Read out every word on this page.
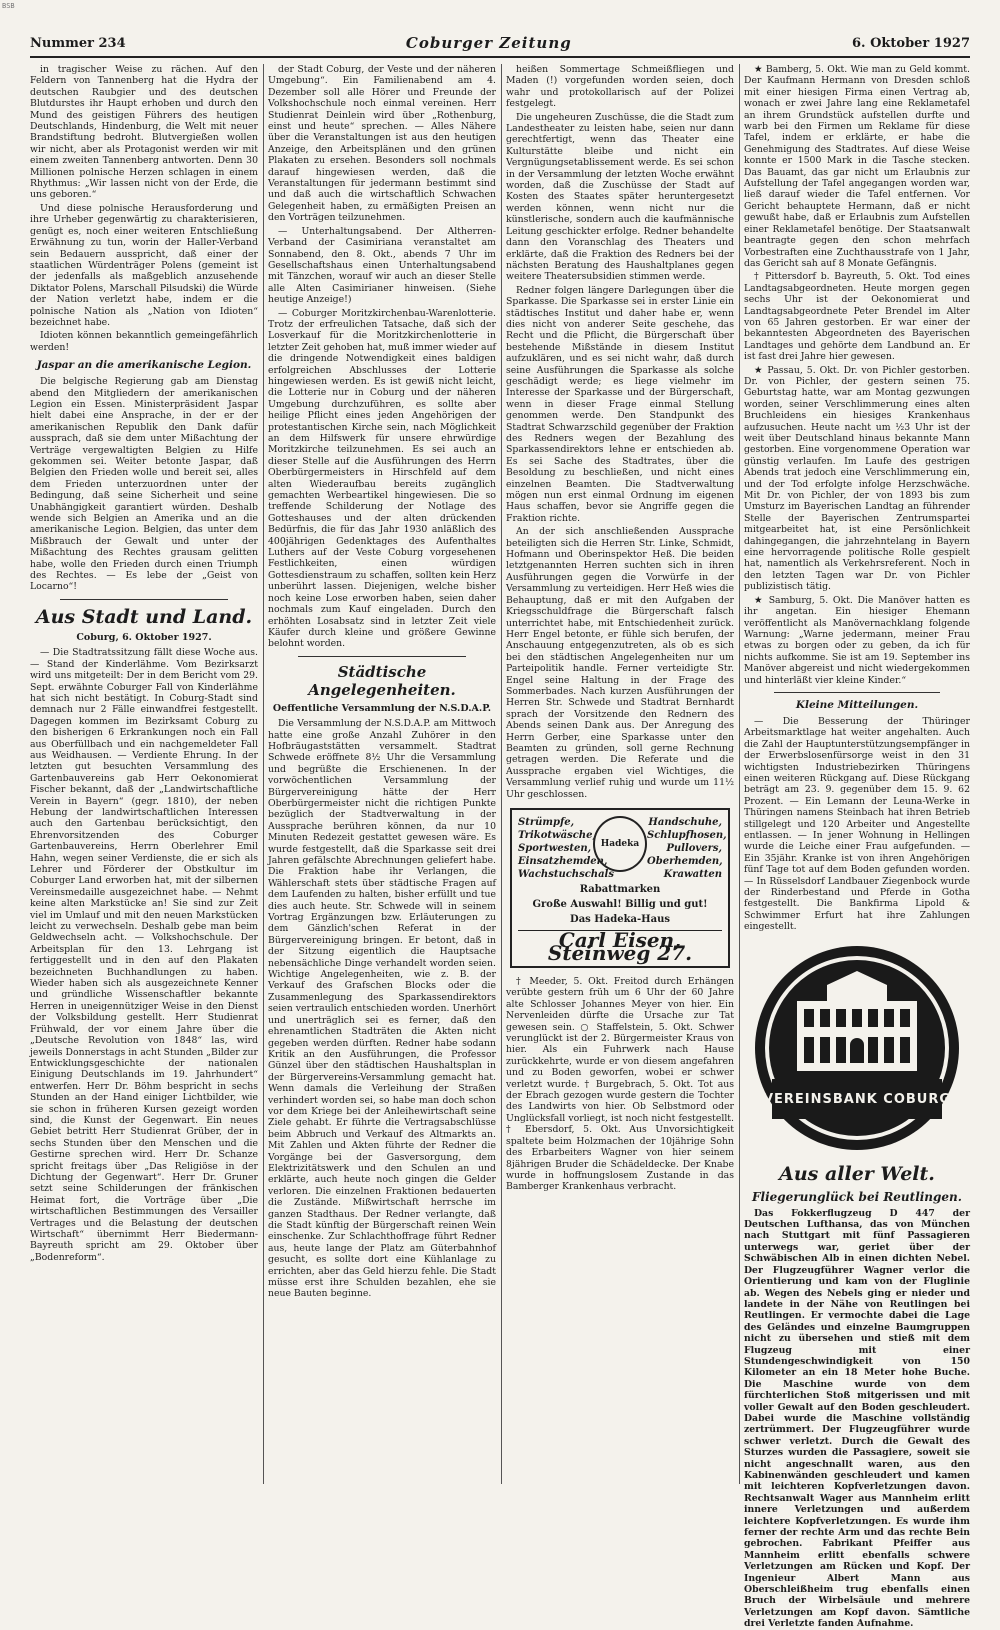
BSB
Nummer 234	Coburger Zeitung	6. Oktober 1927

in tragischer Weise zu rächen. Auf den Feldern von Tannenberg hat die Hydra der deutschen Raubgier und des deutschen Blutdurstes ihr Haupt erhoben und durch den Mund des geistigen Führers des heutigen Deutschlands, Hindenburg, die Welt mit neuer Brandstiftung bedroht. Blutvergießen wollen wir nicht, aber als Protagonist werden wir mit einem zweiten Tannenberg antworten. Denn 30 Millionen polnische Herzen schlagen in einem Rhythmus: „Wir lassen nicht von der Erde, die uns geboren.“

Und diese polnische Herausforderung und ihre Urheber gegenwärtig zu charakterisieren, genügt es, noch einer weiteren Entschließung Erwähnung zu tun, worin der Haller-Verband sein Bedauern ausspricht, daß einer der staatlichen Würdenträger Polens (gemeint ist der jedenfalls als maßgeblich anzusehende Diktator Polens, Marschall Pilsudski) die Würde der Nation verletzt habe, indem er die polnische Nation als „Nation von Idioten“ bezeichnet habe.

Idioten können bekanntlich gemeingefährlich werden!

Jaspar an die amerikanische Legion.

Die belgische Regierung gab am Dienstag abend den Mitgliedern der amerikanischen Legion ein Essen. Ministerpräsident Jaspar hielt dabei eine Ansprache, in der er der amerikanischen Republik den Dank dafür aussprach, daß sie dem unter Mißachtung der Verträge vergewaltigten Belgien zu Hilfe gekommen sei. Weiter betonte Jaspar, daß Belgien den Frieden wolle und bereit sei, alles dem Frieden unterzuordnen unter der Bedingung, daß seine Sicherheit und seine Unabhängigkeit garantiert würden. Deshalb wende sich Belgien an Amerika und an die amerikanische Legion. Belgien, das unter dem Mißbrauch der Gewalt und unter der Mißachtung des Rechtes grausam gelitten habe, wolle den Frieden durch einen Triumph des Rechtes. — Es lebe der „Geist von Locarno“!

Aus Stadt und Land.
Coburg, 6. Oktober 1927.

— Die Stadtratssitzung fällt diese Woche aus. — Stand der Kinderlähme. Vom Bezirksarzt wird uns mitgeteilt: Der in dem Bericht vom 29. Sept. erwähnte Coburger Fall von Kinderlähme hat sich nicht bestätigt. In Coburg-Stadt sind demnach nur 2 Fälle einwandfrei festgestellt. Dagegen kommen im Bezirksamt Coburg zu den bisherigen 6 Erkrankungen noch ein Fall aus Oberfüllbach und ein nachgemeldeter Fall aus Weidhausen. — Verdiente Ehrung. In der letzten gut besuchten Versammlung des Gartenbauvereins gab Herr Oekonomierat Fischer bekannt, daß der „Landwirtschaftliche Verein in Bayern“ (gegr. 1810), der neben Hebung der landwirtschaftlichen Interessen auch den Gartenbau berücksichtigt, den Ehrenvorsitzenden des Coburger Gartenbauvereins, Herrn Oberlehrer Emil Hahn, wegen seiner Verdienste, die er sich als Lehrer und Förderer der Obstkultur im Coburger Land erworben hat, mit der silbernen Vereinsmedaille ausgezeichnet habe. — Nehmt keine alten Markstücke an! Sie sind zur Zeit viel im Umlauf und mit den neuen Markstücken leicht zu verwechseln. Deshalb gebe man beim Geldwechseln acht. — Volkshochschule. Der Arbeitsplan für den 13. Lehrgang ist fertiggestellt und in den auf den Plakaten bezeichneten Buchhandlungen zu haben. Wieder haben sich als ausgezeichnete Kenner und gründliche Wissenschaftler bekannte Herren in uneigennütziger Weise in den Dienst der Volksbildung gestellt. Herr Studienrat Frühwald, der vor einem Jahre über die „Deutsche Revolution von 1848“ las, wird jeweils Donnerstags in acht Stunden „Bilder zur Entwicklungsgeschichte der nationalen Einigung Deutschlands im 19. Jahrhundert“ entwerfen. Herr Dr. Böhm bespricht in sechs Stunden an der Hand einiger Lichtbilder, wie sie schon in früheren Kursen gezeigt worden sind, die Kunst der Gegenwart. Ein neues Gebiet betritt Herr Studienrat Grüber, der in sechs Stunden über den Menschen und die Gestirne sprechen wird. Herr Dr. Schanze spricht freitags über „Das Religiöse in der Dichtung der Gegenwart“. Herr Dr. Gruner setzt seine Schilderungen der fränkischen Heimat fort, die Vorträge über „Die wirtschaftlichen Bestimmungen des Versailler Vertrages und die Belastung der deutschen Wirtschaft“ übernimmt Herr Biedermann-Bayreuth spricht am 29. Oktober über „Bodenreform“.

der Stadt Coburg, der Veste und der näheren Umgebung“. Ein Familienabend am 4. Dezember soll alle Hörer und Freunde der Volkshochschule noch einmal vereinen. Herr Studienrat Deinlein wird über „Rothenburg, einst und heute“ sprechen. — Alles Nähere über die Veranstaltungen ist aus den heutigen Anzeige, den Arbeitsplänen und den grünen Plakaten zu ersehen. Besonders soll nochmals darauf hingewiesen werden, daß die Veranstaltungen für jedermann bestimmt sind und daß auch die wirtschaftlich Schwachen Gelegenheit haben, zu ermäßigten Preisen an den Vorträgen teilzunehmen.

— Unterhaltungsabend. Der Altherren-Verband der Casimiriana veranstaltet am Sonnabend, den 8. Okt., abends 7 Uhr im Gesellschaftshaus einen Unterhaltungsabend mit Tänzchen, worauf wir auch an dieser Stelle alle Alten Casimirianer hinweisen. (Siehe heutige Anzeige!)

— Coburger Moritzkirchenbau-Warenlotterie. Trotz der erfreulichen Tatsache, daß sich der Losverkauf für die Moritzkirchenlotterie in letzter Zeit gehoben hat, muß immer wieder auf die dringende Notwendigkeit eines baldigen erfolgreichen Abschlusses der Lotterie hingewiesen werden. Es ist gewiß nicht leicht, die Lotterie nur in Coburg und der näheren Umgebung durchzuführen, es sollte aber heilige Pflicht eines jeden Angehörigen der protestantischen Kirche sein, nach Möglichkeit an dem Hilfswerk für unsere ehrwürdige Moritzkirche teilzunehmen. Es sei auch an dieser Stelle auf die Ausführungen des Herrn Oberbürgermeisters in Hirschfeld auf dem alten Wiederaufbau bereits zugänglich gemachten Werbeartikel hingewiesen. Die so treffende Schilderung der Notlage des Gotteshauses und der alten drückenden Bedürfnis, die für das Jahr 1930 anläßlich des 400jährigen Gedenktages des Aufenthaltes Luthers auf der Veste Coburg vorgesehenen Festlichkeiten, einen würdigen Gottesdienstraum zu schaffen, sollten kein Herz unberührt lassen. Diejenigen, welche bisher noch keine Lose erworben haben, seien daher nochmals zum Kauf eingeladen. Durch den erhöhten Losabsatz sind in letzter Zeit viele Käufer durch kleine und größere Gewinne belohnt worden.

Städtische Angelegenheiten.
Oeffentliche Versammlung der N.S.D.A.P.

Die Versammlung der N.S.D.A.P. am Mittwoch hatte eine große Anzahl Zuhörer in den Hofbräugaststätten versammelt. Stadtrat Schwede eröffnete 8½ Uhr die Versammlung und begrüßte die Erschienenen. In der vorwöchentlichen Versammlung der Bürgervereinigung hätte der Herr Oberbürgermeister nicht die richtigen Punkte bezüglich der Stadtverwaltung in der Aussprache berühren können, da nur 10 Minuten Redezeit gestattet gewesen wäre. Es wurde festgestellt, daß die Sparkasse seit drei Jahren gefälschte Abrechnungen geliefert habe. Die Fraktion habe ihr Verlangen, die Wählerschaft stets über städtische Fragen auf dem Laufenden zu halten, bisher erfüllt und tue dies auch heute. Str. Schwede will in seinem Vortrag Ergänzungen bzw. Erläuterungen zu dem Gänzlich'schen Referat in der Bürgervereinigung bringen. Er betont, daß in der Sitzung eigentlich die Hauptsache nebensächliche Dinge verhandelt worden seien. Wichtige Angelegenheiten, wie z. B. der Verkauf des Grafschen Blocks oder die Zusammenlegung des Sparkassendirektors seien vertraulich entschieden worden. Unerhört und unerträglich sei es ferner, daß den ehrenamtlichen Stadträten die Akten nicht gegeben werden dürften. Redner habe sodann Kritik an den Ausführungen, die Professor Günzel über den städtischen Haushaltsplan in der Bürgervereins-Versammlung gemacht hat. Wenn damals die Verleihung der Straßen verhindert worden sei, so habe man doch schon vor dem Kriege bei der Anleihewirtschaft seine Ziele gehabt. Er führte die Vertragsabschlüsse beim Abbruch und Verkauf des Altmarkts an. Mit Zahlen und Akten führte der Redner die Vorgänge bei der Gasversorgung, dem Elektrizitätswerk und den Schulen an und erklärte, auch heute noch gingen die Gelder verloren. Die einzelnen Fraktionen bedauerten die Zustände. Mißwirtschaft herrsche im ganzen Stadthaus. Der Redner verlangte, daß die Stadt künftig der Bürgerschaft reinen Wein einschenke. Zur Schlachthoffrage führt Redner aus, heute lange der Platz am Güterbahnhof gesucht, es sollte dort eine Kühlanlage zu errichten, aber das Geld hierzu fehle. Die Stadt müsse erst ihre Schulden bezahlen, ehe sie neue Bauten beginne.

heißen Sommertage Schmeißfliegen und Maden (!) vorgefunden worden seien, doch wahr und protokollarisch auf der Polizei festgelegt.

Die ungeheuren Zuschüsse, die die Stadt zum Landestheater zu leisten habe, seien nur dann gerechtfertigt, wenn das Theater eine Kulturstätte bleibe und nicht ein Vergnügungsetablissement werde. Es sei schon in der Versammlung der letzten Woche erwähnt worden, daß die Zuschüsse der Stadt auf Kosten des Staates später heruntergesetzt werden können, wenn nicht nur die künstlerische, sondern auch die kaufmännische Leitung geschickter erfolge. Redner behandelte dann den Voranschlag des Theaters und erklärte, daß die Fraktion des Redners bei der nächsten Beratung des Haushaltplanes gegen weitere Theatersubsidien stimmen werde.

Redner folgen längere Darlegungen über die Sparkasse. Die Sparkasse sei in erster Linie ein städtisches Institut und daher habe er, wenn dies nicht von anderer Seite geschehe, das Recht und die Pflicht, die Bürgerschaft über bestehende Mißstände in diesem Institut aufzuklären, und es sei nicht wahr, daß durch seine Ausführungen die Sparkasse als solche geschädigt werde; es liege vielmehr im Interesse der Sparkasse und der Bürgerschaft, wenn in dieser Frage einmal Stellung genommen werde. Den Standpunkt des Stadtrat Schwarzschild gegenüber der Fraktion des Redners wegen der Bezahlung des Sparkassendirektors lehne er entschieden ab. Es sei Sache des Stadtrates, über die Besoldung zu beschließen, und nicht eines einzelnen Beamten. Die Stadtverwaltung mögen nun erst einmal Ordnung im eigenen Haus schaffen, bevor sie Angriffe gegen die Fraktion richte.

An der sich anschließenden Aussprache beteiligten sich die Herren Str. Linke, Schmidt, Hofmann und Oberinspektor Heß. Die beiden letztgenannten Herren suchten sich in ihren Ausführungen gegen die Vorwürfe in der Versammlung zu verteidigen. Herr Heß wies die Behauptung, daß er mit den Aufgaben der Kriegsschuldfrage die Bürgerschaft falsch unterrichtet habe, mit Entschiedenheit zurück. Herr Engel betonte, er fühle sich berufen, der Anschauung entgegenzutreten, als ob es sich bei den städtischen Angelegenheiten nur um Parteipolitik handle. Ferner verteidigte Str. Engel seine Haltung in der Frage des Sommerbades. Nach kurzen Ausführungen der Herren Str. Schwede und Stadtrat Bernhardt sprach der Vorsitzende den Rednern des Abends seinen Dank aus. Der Anregung des Herrn Gerber, eine Sparkasse unter den Beamten zu gründen, soll gerne Rechnung getragen werden. Die Referate und die Aussprache ergaben viel Wichtiges, die Versammlung verlief ruhig und wurde um 11½ Uhr geschlossen.

Strümpfe, Trikotwäsche, Sportwesten, Einsatzhemden, Wachstuchschals
Hadeka
Handschuhe, Schlupfhosen, Pullovers, Oberhemden, Krawatten
Rabattmarken
Große Auswahl! Billig und gut!
Das Hadeka-Haus
Carl Eisen, Steinweg 27.

† Meeder, 5. Okt. Freitod durch Erhängen verübte gestern früh um 6 Uhr der 60 Jahre alte Schlosser Johannes Meyer von hier. Ein Nervenleiden dürfte die Ursache zur Tat gewesen sein. ○ Staffelstein, 5. Okt. Schwer verunglückt ist der 2. Bürgermeister Kraus von hier. Als ein Fuhrwerk nach Hause zurückkehrte, wurde er von diesem angefahren und zu Boden geworfen, wobei er schwer verletzt wurde. † Burgebrach, 5. Okt. Tot aus der Ebrach gezogen wurde gestern die Tochter des Landwirts von hier. Ob Selbstmord oder Unglücksfall vorliegt, ist noch nicht festgestellt. † Ebersdorf, 5. Okt. Aus Unvorsichtigkeit spaltete beim Holzmachen der 10jährige Sohn des Erbarbeiters Wagner von hier seinem 8jährigen Bruder die Schädeldecke. Der Knabe wurde in hoffnungslosem Zustande in das Bamberger Krankenhaus verbracht.

★ Bamberg, 5. Okt. Wie man zu Geld kommt. Der Kaufmann Hermann von Dresden schloß mit einer hiesigen Firma einen Vertrag ab, wonach er zwei Jahre lang eine Reklametafel an ihrem Grundstück aufstellen durfte und warb bei den Firmen um Reklame für diese Tafel, indem er erklärte, er habe die Genehmigung des Stadtrates. Auf diese Weise konnte er 1500 Mark in die Tasche stecken. Das Bauamt, das gar nicht um Erlaubnis zur Aufstellung der Tafel angegangen worden war, ließ darauf wieder die Tafel entfernen. Vor Gericht behauptete Hermann, daß er nicht gewußt habe, daß er Erlaubnis zum Aufstellen einer Reklametafel benötige. Der Staatsanwalt beantragte gegen den schon mehrfach Vorbestraften eine Zuchthausstrafe von 1 Jahr, das Gericht sah auf 8 Monate Gefängnis.

† Pittersdorf b. Bayreuth, 5. Okt. Tod eines Landtagsabgeordneten. Heute morgen gegen sechs Uhr ist der Oekonomierat und Landtagsabgeordnete Peter Brendel im Alter von 65 Jahren gestorben. Er war einer der bekanntesten Abgeordneten des Bayerischen Landtages und gehörte dem Landbund an. Er ist fast drei Jahre hier gewesen.

★ Passau, 5. Okt. Dr. von Pichler gestorben. Dr. von Pichler, der gestern seinen 75. Geburtstag hatte, war am Montag gezwungen worden, seiner Verschlimmerung eines alten Bruchleidens ein hiesiges Krankenhaus aufzusuchen. Heute nacht um ½3 Uhr ist der weit über Deutschland hinaus bekannte Mann gestorben. Eine vorgenommene Operation war günstig verlaufen. Im Laufe des gestrigen Abends trat jedoch eine Verschlimmerung ein, und der Tod erfolgte infolge Herzschwäche. Mit Dr. von Pichler, der von 1893 bis zum Umsturz im Bayerischen Landtag an führender Stelle der Bayerischen Zentrumspartei mitgearbeitet hat, ist eine Persönlichkeit dahingegangen, die jahrzehntelang in Bayern eine hervorragende politische Rolle gespielt hat, namentlich als Verkehrsreferent. Noch in den letzten Tagen war Dr. von Pichler publizistisch tätig.

★ Samburg, 5. Okt. Die Manöver hatten es ihr angetan. Ein hiesiger Ehemann veröffentlicht als Manövernachklang folgende Warnung: „Warne jedermann, meiner Frau etwas zu borgen oder zu geben, da ich für nichts aufkomme. Sie ist am 19. September ins Manöver abgereist und nicht wiedergekommen und hinterläßt vier kleine Kinder.“

Kleine Mitteilungen.

— Die Besserung der Thüringer Arbeitsmarktlage hat weiter angehalten. Auch die Zahl der Hauptunterstützungsempfänger in der Erwerbslosenfürsorge weist in den 31 wichtigsten Industriebezirken Thüringens einen weiteren Rückgang auf. Diese Rückgang beträgt am 23. 9. gegenüber dem 15. 9. 62 Prozent. — Ein Lemann der Leuna-Werke in Thüringen namens Steinbach hat ihren Betrieb stillgelegt und 120 Arbeiter und Angestellte entlassen. — In jener Wohnung in Hellingen wurde die Leiche einer Frau aufgefunden. — Ein 35jähr. Kranke ist von ihren Angehörigen fünf Tage tot auf dem Boden gefunden worden. — In Rüsselsdorf Landbauer Ziegenbock wurde der Rinderbestand und Pferde in Gotha festgestellt. Die Bankfirma Lipold & Schwimmer Erfurt hat ihre Zahlungen eingestellt.

VEREINSBANK COBURG
Aus aller Welt.
Fliegerunglück bei Reutlingen.

Das Fokkerflugzeug D 447 der Deutschen Lufthansa, das von München nach Stuttgart mit fünf Passagieren unterwegs war, geriet über der Schwäbischen Alb in einen dichten Nebel. Der Flugzeugführer Wagner verlor die Orientierung und kam von der Fluglinie ab. Wegen des Nebels ging er nieder und landete in der Nähe von Reutlingen bei Reutlingen. Er vermochte dabei die Lage des Geländes und einzelne Baumgruppen nicht zu übersehen und stieß mit dem Flugzeug mit einer Stundengeschwindigkeit von 150 Kilometer an ein 18 Meter hohe Buche. Die Maschine wurde von dem fürchterlichen Stoß mitgerissen und mit voller Gewalt auf den Boden geschleudert. Dabei wurde die Maschine vollständig zertrümmert. Der Flugzeugführer wurde schwer verletzt. Durch die Gewalt des Sturzes wurden die Passagiere, soweit sie nicht angeschnallt waren, aus den Kabinenwänden geschleudert und kamen mit leichteren Kopfverletzungen davon. Rechtsanwalt Wager aus Mannheim erlitt innere Verletzungen und außerdem leichtere Kopfverletzungen. Es wurde ihm ferner der rechte Arm und das rechte Bein gebrochen. Fabrikant Pfeiffer aus Mannheim erlitt ebenfalls schwere Verletzungen am Rücken und Kopf. Der Ingenieur Albert Mann aus Oberschleißheim trug ebenfalls einen Bruch der Wirbelsäule und mehrere Verletzungen am Kopf davon. Sämtliche drei Verletzte fanden Aufnahme.
